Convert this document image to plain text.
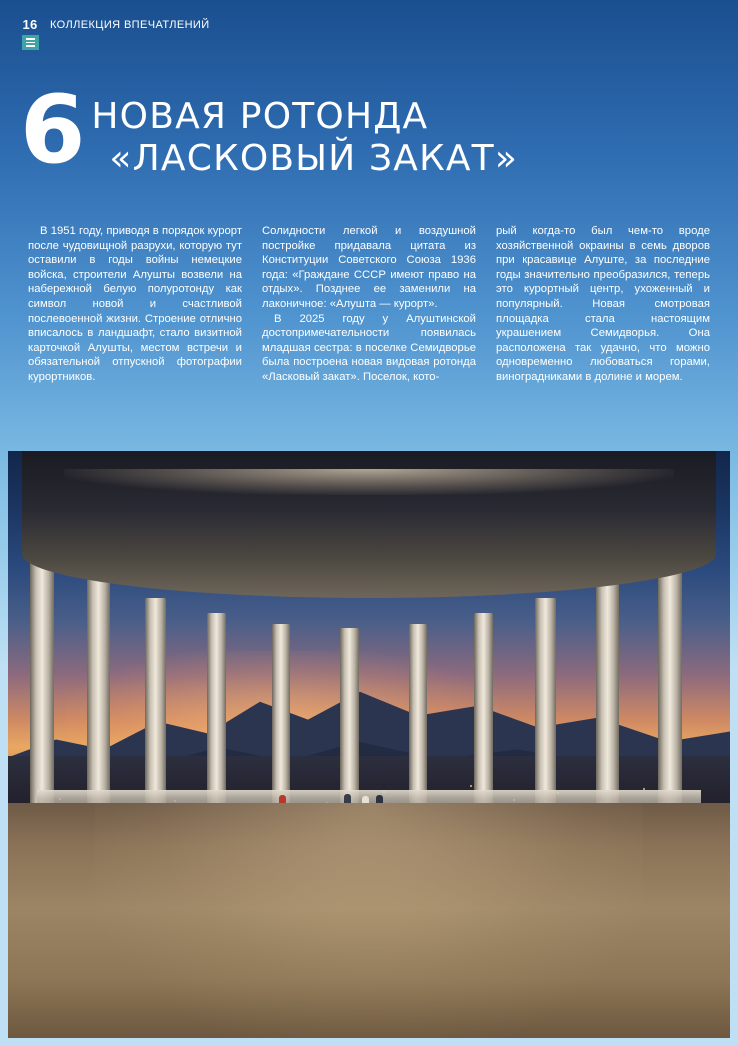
16 КОЛЛЕКЦИЯ ВПЕЧАТЛЕНИЙ
6 НОВАЯ РОТОНДА
«ЛАСКОВЫЙ ЗАКАТ»

В 1951 году, приводя в порядок курорт после чудовищной разрухи, которую тут оставили в годы войны немецкие войска, строители Алушты возвели на набережной белую полуротонду как символ новой и счастливой послевоенной жизни. Строение отлично вписалось в ландшафт, стало визитной карточкой Алушты, местом встречи и обязательной отпускной фотографии курортников.

Солидности легкой и воздушной постройке придавала цитата из Конституции Советского Союза 1936 года: «Граждане СССР имеют право на отдых». Позднее ее заменили на лаконичное: «Алушта — курорт».

В 2025 году у Алуштинской достопримечательности появилась младшая сестра: в поселке Семидворье была построена новая видовая ротонда «Ласковый закат». Поселок, кото-

рый когда-то был чем-то вроде хозяйственной окраины в семь дворов при красавице Алуште, за последние годы значительно преобразился, теперь это курортный центр, ухоженный и популярный. Новая смотровая площадка стала настоящим украшением Семидворья. Она расположена так удачно, что можно одновременно любоваться горами, виноградниками в долине и морем.
